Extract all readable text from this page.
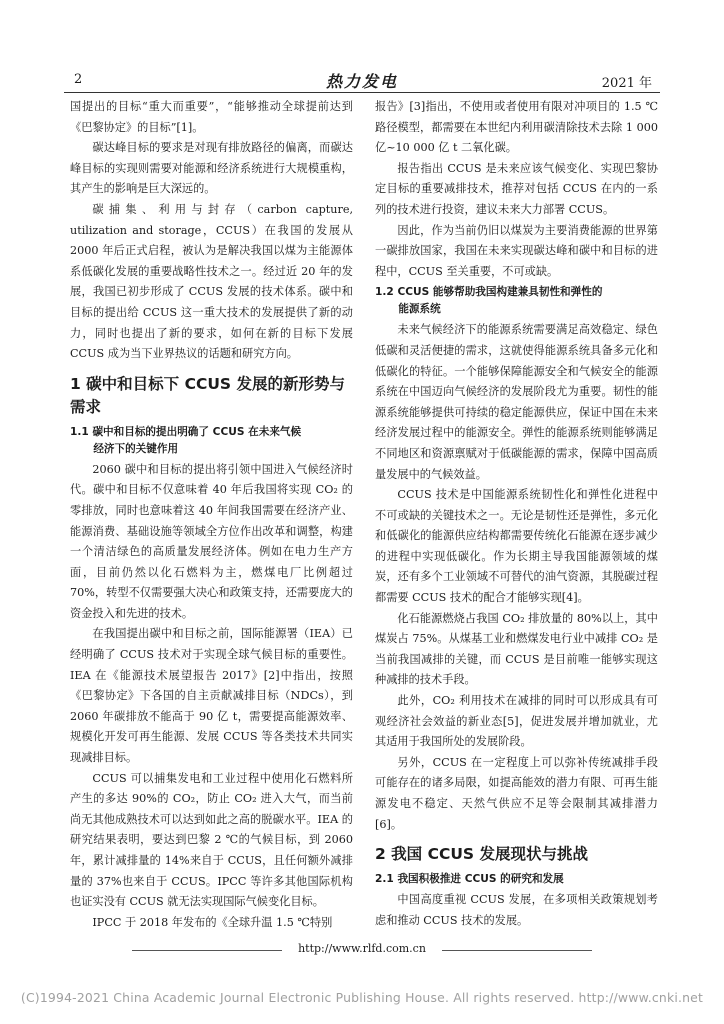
2	热力发电	2021 年

国提出的目标“重大而重要”，“能够推动全球提前达到《巴黎协定》的目标”[1]。

碳达峰目标的要求是对现有排放路径的偏离，而碳达峰目标的实现则需要对能源和经济系统进行大规模重构，其产生的影响是巨大深远的。

碳捕集、利用与封存（carbon capture, utilization and storage，CCUS）在我国的发展从 2000 年后正式启程，被认为是解决我国以煤为主能源体系低碳化发展的重要战略性技术之一。经过近 20 年的发展，我国已初步形成了 CCUS 发展的技术体系。碳中和目标的提出给 CCUS 这一重大技术的发展提供了新的动力，同时也提出了新的要求，如何在新的目标下发展 CCUS 成为当下业界热议的话题和研究方向。

1 碳中和目标下 CCUS 发展的新形势与需求
1.1 碳中和目标的提出明确了 CCUS 在未来气候
经济下的关键作用

2060 碳中和目标的提出将引领中国进入气候经济时代。碳中和目标不仅意味着 40 年后我国将实现 CO₂ 的零排放，同时也意味着这 40 年间我国需要在经济产业、能源消费、基础设施等领域全方位作出改革和调整，构建一个清洁绿色的高质量发展经济体。例如在电力生产方面，目前仍然以化石燃料为主，燃煤电厂比例超过 70%，转型不仅需要强大决心和政策支持，还需要庞大的资金投入和先进的技术。

在我国提出碳中和目标之前，国际能源署（IEA）已经明确了 CCUS 技术对于实现全球气候目标的重要性。IEA 在《能源技术展望报告 2017》[2]中指出，按照《巴黎协定》下各国的自主贡献减排目标（NDCs），到 2060 年碳排放不能高于 90 亿 t，需要提高能源效率、规模化开发可再生能源、发展 CCUS 等各类技术共同实现减排目标。

CCUS 可以捕集发电和工业过程中使用化石燃料所产生的多达 90%的 CO₂，防止 CO₂ 进入大气，而当前尚无其他成熟技术可以达到如此之高的脱碳水平。IEA 的研究结果表明，要达到巴黎 2 ℃的气候目标，到 2060 年，累计减排量的 14%来自于 CCUS，且任何额外减排量的 37%也来自于 CCUS。IPCC 等许多其他国际机构也证实没有 CCUS 就无法实现国际气候变化目标。

IPCC 于 2018 年发布的《全球升温 1.5 ℃特别

报告》[3]指出，不使用或者使用有限对冲项目的 1.5 ℃路径模型，都需要在本世纪内利用碳清除技术去除 1 000 亿~10 000 亿 t 二氧化碳。

报告指出 CCUS 是未来应该气候变化、实现巴黎协定目标的重要减排技术，推荐对包括 CCUS 在内的一系列的技术进行投资，建议未来大力部署 CCUS。

因此，作为当前仍旧以煤炭为主要消费能源的世界第一碳排放国家，我国在未来实现碳达峰和碳中和目标的进程中，CCUS 至关重要，不可或缺。

1.2 CCUS 能够帮助我国构建兼具韧性和弹性的
能源系统

未来气候经济下的能源系统需要满足高效稳定、绿色低碳和灵活便捷的需求，这就使得能源系统具备多元化和低碳化的特征。一个能够保障能源安全和气候安全的能源系统在中国迈向气候经济的发展阶段尤为重要。韧性的能源系统能够提供可持续的稳定能源供应，保证中国在未来经济发展过程中的能源安全。弹性的能源系统则能够满足不同地区和资源禀赋对于低碳能源的需求，保障中国高质量发展中的气候效益。

CCUS 技术是中国能源系统韧性化和弹性化进程中不可或缺的关键技术之一。无论是韧性还是弹性，多元化和低碳化的能源供应结构都需要传统化石能源在逐步减少的进程中实现低碳化。作为长期主导我国能源领域的煤炭，还有多个工业领域不可替代的油气资源，其脱碳过程都需要 CCUS 技术的配合才能够实现[4]。

化石能源燃烧占我国 CO₂ 排放量的 80%以上，其中煤炭占 75%。从煤基工业和燃煤发电行业中减排 CO₂ 是当前我国减排的关键，而 CCUS 是目前唯一能够实现这种减排的技术手段。

此外，CO₂ 利用技术在减排的同时可以形成具有可观经济社会效益的新业态[5]，促进发展并增加就业，尤其适用于我国所处的发展阶段。

另外，CCUS 在一定程度上可以弥补传统减排手段可能存在的诸多局限，如提高能效的潜力有限、可再生能源发电不稳定、天然气供应不足等会限制其减排潜力[6]。

2 我国 CCUS 发展现状与挑战
2.1 我国积极推进 CCUS 的研究和发展

中国高度重视 CCUS 发展，在多项相关政策规划考虑和推动 CCUS 技术的发展。

http://www.rlfd.com.cn
(C)1994-2021 China Academic Journal Electronic Publishing House. All rights reserved. http://www.cnki.net
